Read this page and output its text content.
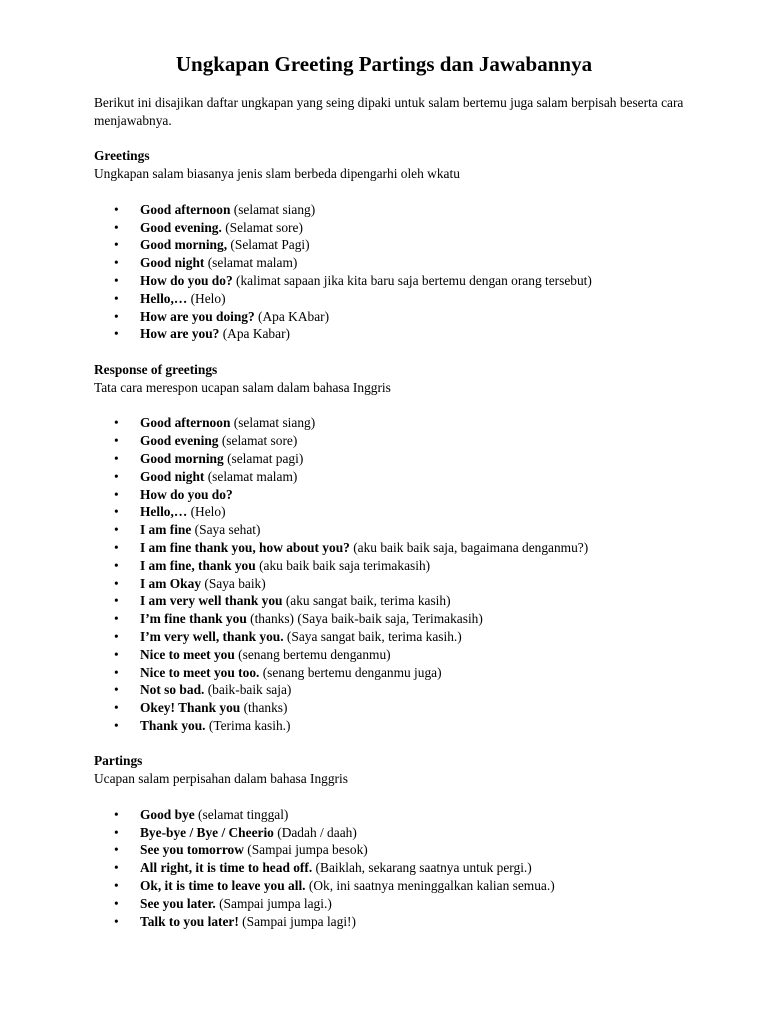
Ungkapan Greeting Partings dan Jawabannya

Berikut ini disajikan daftar ungkapan yang seing dipaki untuk salam bertemu juga salam berpisah beserta cara menjawabnya.

Greetings

Ungkapan salam biasanya jenis slam berbeda dipengarhi oleh wkatu

• Good afternoon (selamat siang)
• Good evening. (Selamat sore)
• Good morning, (Selamat Pagi)
• Good night (selamat malam)
• How do you do? (kalimat sapaan jika kita baru saja bertemu dengan orang tersebut)
• Hello,… (Helo)
• How are you doing? (Apa KAbar)
• How are you? (Apa Kabar)

Response of greetings

Tata cara merespon ucapan salam dalam bahasa Inggris

• Good afternoon (selamat siang)
• Good evening (selamat sore)
• Good morning (selamat pagi)
• Good night (selamat malam)
• How do you do?
• Hello,… (Helo)
• I am fine (Saya sehat)
• I am fine thank you, how about you? (aku baik baik saja, bagaimana denganmu?)
• I am fine, thank you (aku baik baik saja terimakasih)
• I am Okay (Saya baik)
• I am very well thank you (aku sangat baik, terima kasih)
• I’m fine thank you (thanks) (Saya baik-baik saja, Terimakasih)
• I’m very well, thank you. (Saya sangat baik, terima kasih.)
• Nice to meet you (senang bertemu denganmu)
• Nice to meet you too. (senang bertemu denganmu juga)
• Not so bad. (baik-baik saja)
• Okey! Thank you (thanks)
• Thank you. (Terima kasih.)

Partings

Ucapan salam perpisahan dalam bahasa Inggris

• Good bye (selamat tinggal)
• Bye-bye / Bye / Cheerio (Dadah / daah)
• See you tomorrow (Sampai jumpa besok)
• All right, it is time to head off. (Baiklah, sekarang saatnya untuk pergi.)
• Ok, it is time to leave you all. (Ok, ini saatnya meninggalkan kalian semua.)
• See you later. (Sampai jumpa lagi.)
• Talk to you later! (Sampai jumpa lagi!)
